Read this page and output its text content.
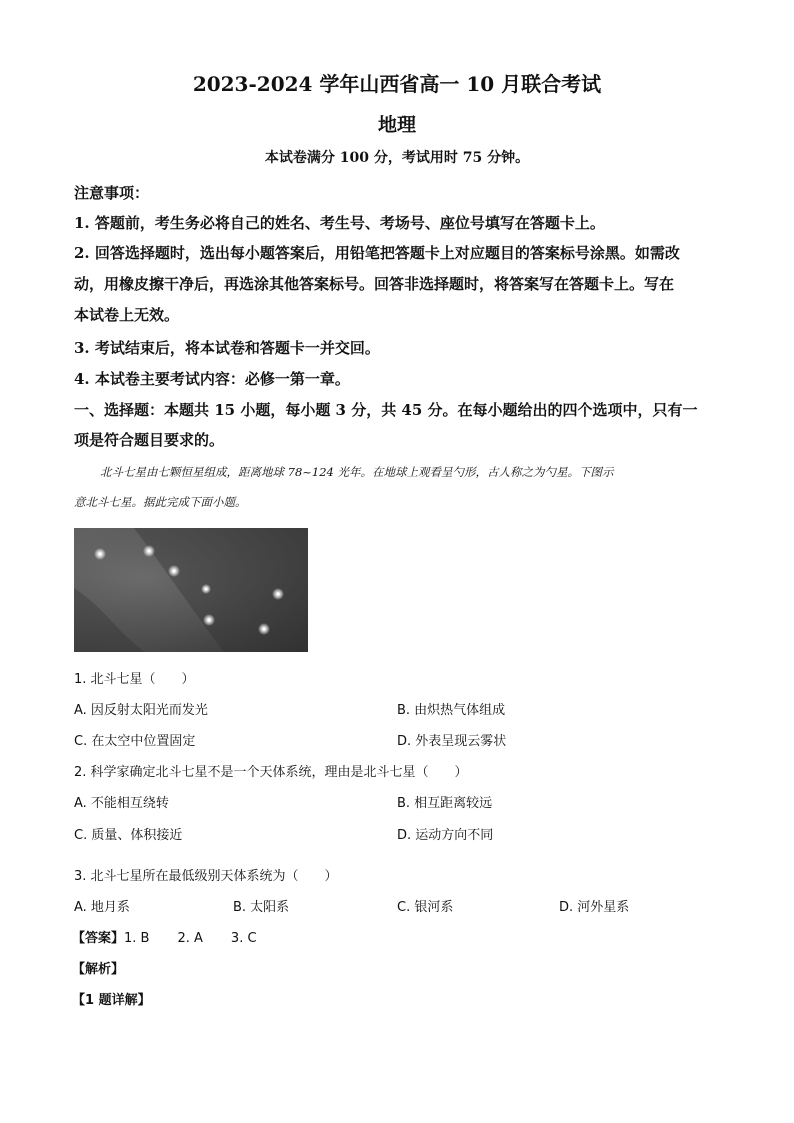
2023-2024 学年山西省高一 10 月联合考试
地理
本试卷满分 100 分，考试用时 75 分钟。
注意事项：
1. 答题前，考生务必将自己的姓名、考生号、考场号、座位号填写在答题卡上。
2. 回答选择题时，选出每小题答案后，用铅笔把答题卡上对应题目的答案标号涂黑。如需改
动，用橡皮擦干净后，再选涂其他答案标号。回答非选择题时，将答案写在答题卡上。写在
本试卷上无效。
3. 考试结束后，将本试卷和答题卡一并交回。
4. 本试卷主要考试内容：必修一第一章。
一、选择题：本题共 15 小题，每小题 3 分，共 45 分。在每小题给出的四个选项中，只有一
项是符合题目要求的。
北斗七星由七颗恒星组成，距离地球 78~124 光年。在地球上观看呈勺形，古人称之为勺星。下图示
意北斗七星。据此完成下面小题。
1. 北斗七星（　　）
A. 因反射太阳光而发光	B. 由炽热气体组成
C. 在太空中位置固定	D. 外表呈现云雾状
2. 科学家确定北斗七星不是一个天体系统，理由是北斗七星（　　）
A. 不能相互绕转	B. 相互距离较远
C. 质量、体积接近	D. 运动方向不同
3. 北斗七星所在最低级别天体系统为（　　）
A. 地月系	B. 太阳系	C. 银河系	D. 河外星系
【答案】1. B 2. A 3. C
【解析】
【1 题详解】
